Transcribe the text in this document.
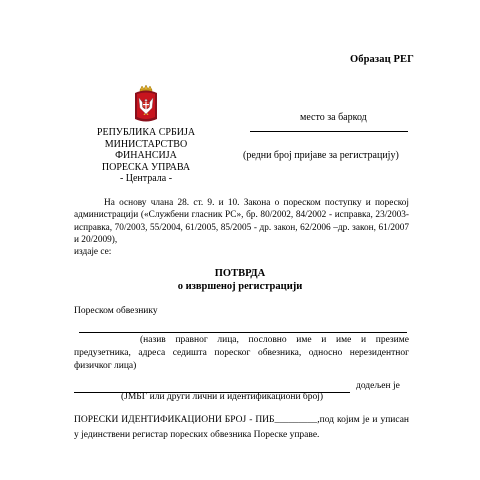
Образац РЕГ
РЕПУБЛИКА СРБИЈА
МИНИСТАРСТВО ФИНАНСИЈА
ПОРЕСКА УПРАВА
- Централа -
место за баркод
(редни број пријаве за регистрацију)
На основу члана 28. ст. 9. и 10. Закона о пореском поступку и пореској администрацији («Службени гласник РС», бр. 80/2002, 84/2002 - исправка, 23/2003- исправка, 70/2003, 55/2004, 61/2005, 85/2005 - др. закон, 62/2006 –др. закон, 61/2007 и 20/2009),
издаје се:
ПОТВРДА
о извршеној регистрацији
Пореском обвезнику
(назив правног лица, пословно име и име и презиме предузетника, адреса седишта пореског обвезника, односно нерезидентног физичког лица)
додељен је
(ЈМБГ или други лични и идентификациони број)
ПОРЕСКИ ИДЕНТИФИКАЦИОНИ БРОЈ - ПИБ_________,под којим је и уписан у јединствени регистар пореских обвезника Пореске управе.
